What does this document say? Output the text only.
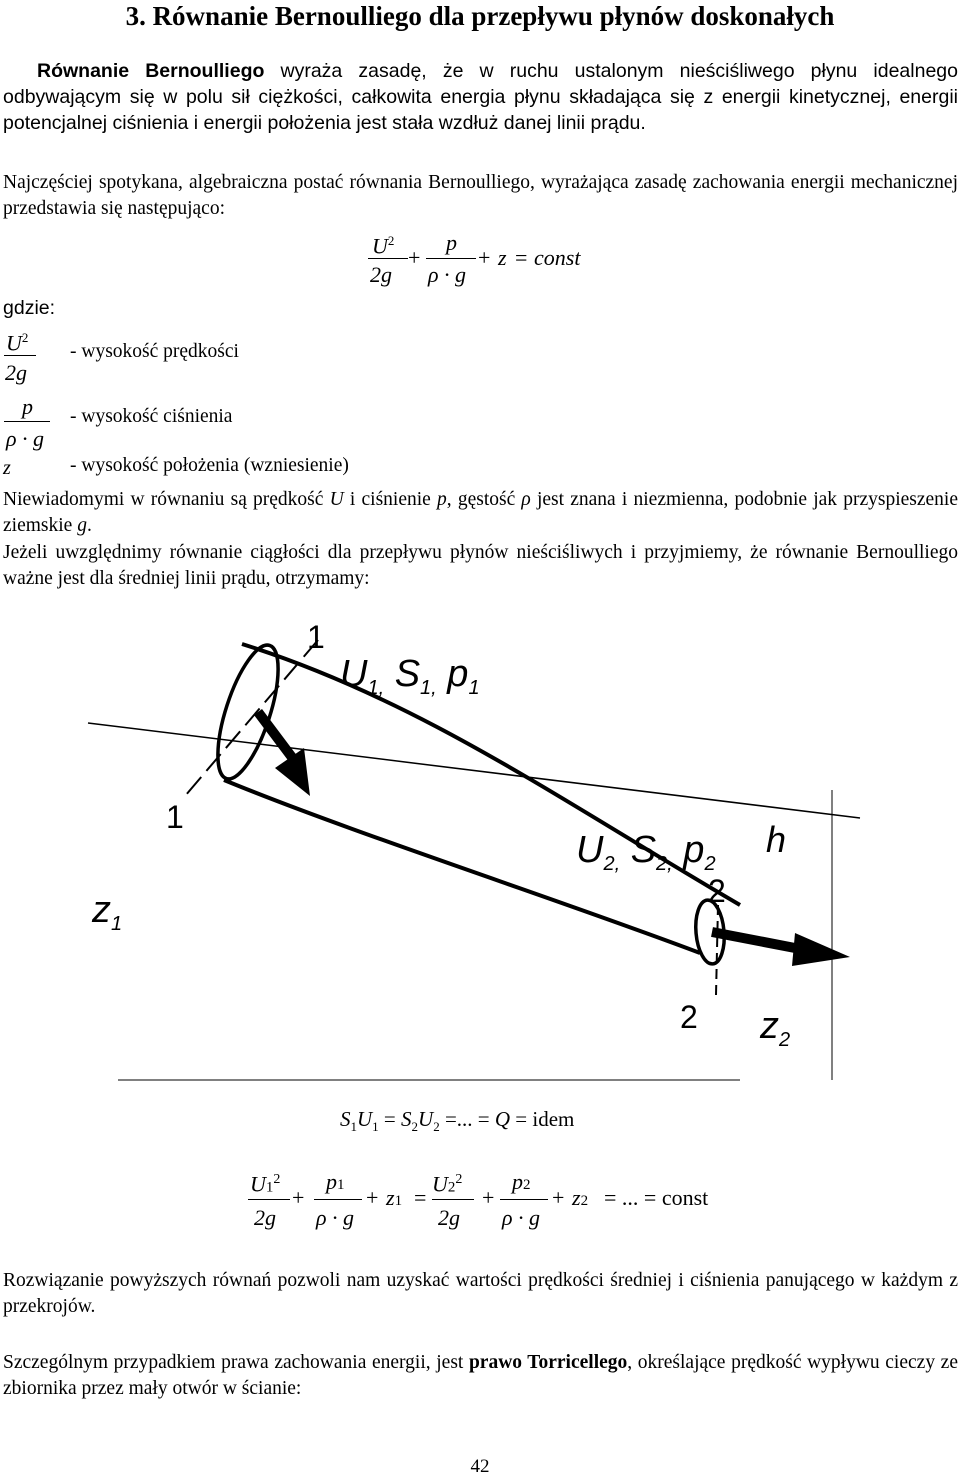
3. Równanie Bernoulliego dla przepływu płynów doskonałych
Równanie Bernoulliego wyraża zasadę, że w ruchu ustalonym nieściśliwego płynu idealnego odbywającym się w polu sił ciężkości, całkowita energia płynu składająca się z energii kinetycznej, energii potencjalnej ciśnienia i energii położenia jest stała wzdłuż danej linii prądu.
Najczęściej spotykana, algebraiczna postać równania Bernoulliego, wyrażająca zasadę zachowania energii mechanicznej przedstawia się następująco:
$U^2$
2g
+
p
ρ · g
+ z = const
gdzie:
$U^2$
2g
- wysokość prędkości
p
ρ · g
- wysokość ciśnienia
z	- wysokość położenia (wzniesienie)
Niewiadomymi w równaniu są prędkość U i ciśnienie p, gęstość ρ jest znana i niezmienna, podobnie jak przyspieszenie ziemskie g.
Jeżeli uwzględnimy równanie ciągłości dla przepływu płynów nieściśliwych i przyjmiemy, że równanie Bernoulliego ważne jest dla średniej linii prądu, otrzymamy:
1
1
2
2
$U_{1,}$ $S_{1,}$ $p_1$
$U_{2,}$ $S_{2,}$ $p_2$
h
$z_1$
$z_2$
$S_1U_1 = S_2U_2$ =... = Q = idem
$U1^2$
2g
+
p1
ρ · g
+ z1 =
$U2^2$
2g
+
p2
ρ · g
+ z2 = ... = const
Rozwiązanie powyższych równań pozwoli nam uzyskać wartości prędkości średniej i ciśnienia panującego w każdym z przekrojów.
Szczególnym przypadkiem prawa zachowania energii, jest prawo Torricellego, określające prędkość wypływu cieczy ze zbiornika przez mały otwór w ścianie:
42
